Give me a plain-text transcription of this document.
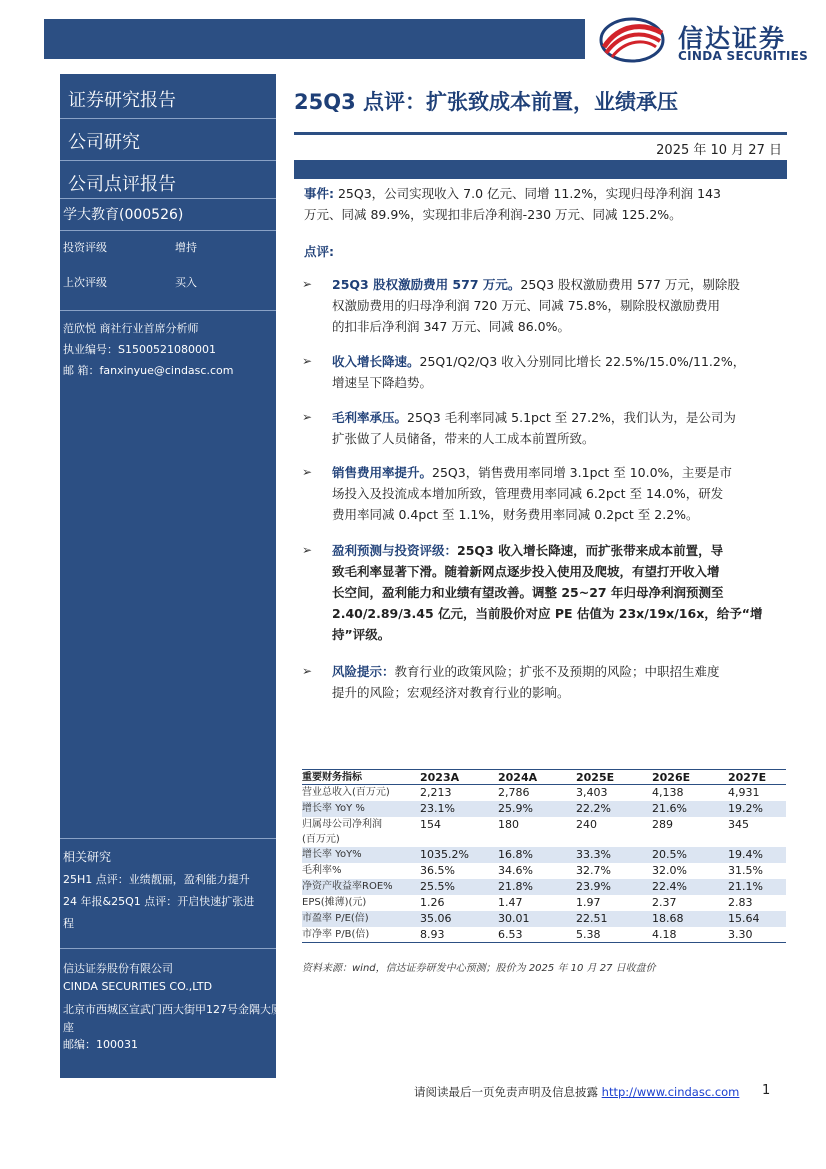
信达证券
CINDA SECURITIES
证券研究报告
公司研究
公司点评报告
学大教育(000526)
投资评级	增持
上次评级	买入
范欣悦 商社行业首席分析师
执业编号：S1500521080001
邮 箱：fanxinyue@cindasc.com
相关研究
25H1 点评：业绩靓丽，盈利能力提升
24 年报&25Q1 点评：开启快速扩张进
程
信达证券股份有限公司
CINDA SECURITIES CO.,LTD
北京市西城区宣武门西大街甲127号金隅大厦B
座
邮编：100031
25Q3 点评：扩张致成本前置，业绩承压
2025 年 10 月 27 日
事件: 25Q3，公司实现收入 7.0 亿元、同增 11.2%，实现归母净利润 143
万元、同减 89.9%，实现扣非后净利润-230 万元、同减 125.2%。
点评:
➢ 25Q3 股权激励费用 577 万元。25Q3 股权激励费用 577 万元，剔除股
权激励费用的归母净利润 720 万元、同减 75.8%，剔除股权激励费用
的扣非后净利润 347 万元、同减 86.0%。
➢ 收入增长降速。25Q1/Q2/Q3 收入分别同比增长 22.5%/15.0%/11.2%，
增速呈下降趋势。
➢ 毛利率承压。25Q3 毛利率同减 5.1pct 至 27.2%，我们认为，是公司为
扩张做了人员储备，带来的人工成本前置所致。
➢ 销售费用率提升。25Q3，销售费用率同增 3.1pct 至 10.0%，主要是市
场投入及投流成本增加所致，管理费用率同减 6.2pct 至 14.0%，研发
费用率同减 0.4pct 至 1.1%，财务费用率同减 0.2pct 至 2.2%。
➢ 盈利预测与投资评级：25Q3 收入增长降速，而扩张带来成本前置，导
致毛利率显著下滑。随着新网点逐步投入使用及爬坡，有望打开收入增
长空间，盈利能力和业绩有望改善。调整 25~27 年归母净利润预测至
2.40/2.89/3.45 亿元，当前股价对应 PE 估值为 23x/19x/16x，给予“增
持”评级。
➢ 风险提示：教育行业的政策风险；扩张不及预期的风险；中职招生难度
提升的风险；宏观经济对教育行业的影响。
重要财务指标	2023A	2024A	2025E	2026E	2027E
营业总收入(百万元)	2,213	2,786	3,403	4,138	4,931
增长率 YoY %	23.1%	25.9%	22.2%	21.6%	19.2%
归属母公司净利润
(百万元)
154	180	240	289	345
增长率 YoY%	1035.2%	16.8%	33.3%	20.5%	19.4%
毛利率%	36.5%	34.6%	32.7%	32.0%	31.5%
净资产收益率ROE% 25.5%	21.8%	23.9%	22.4%	21.1%
EPS(摊薄)(元)	1.26	1.47	1.97	2.37	2.83
市盈率 P/E(倍)	35.06	30.01	22.51	18.68	15.64
市净率 P/B(倍)	8.93	6.53	5.38	4.18	3.30
资料来源：wind，信达证券研发中心预测；股价为 2025 年 10 月 27 日收盘价
请阅读最后一页免责声明及信息披露 http://www.cindasc.com 1
